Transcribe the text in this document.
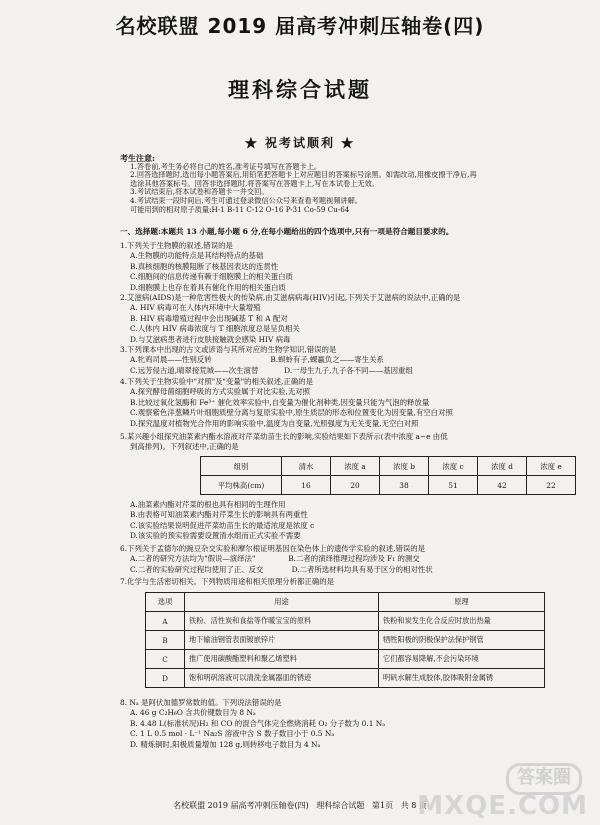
名校联盟 2019 届高考冲刺压轴卷(四)
理科综合试题
★ 祝考试顺利 ★
考生注意:
1.答卷前,考生务必将自己的姓名,准考证号填写在答题卡上。
2.回答选择题时,选出每小题答案后,用铅笔把答题卡上对应题目的答案标号涂黑。如需改动,用橡皮擦干净后,再
选涂其他答案标号。回答非选择题时,将答案写在答题卡上,写在本试卷上无效。
3.考试结束后,将本试卷和答题卡一并交回。
4.考试结束一段时间后,考生可通过登录微信公众号来查看考题视频讲解。
可能用到的相对原子质量:H-1 B-11 C-12 O-16 P-31 Co-59 Cu-64
一、选择题:本题共 13 小题,每小题 6 分,在每小题给出的四个选项中,只有一项是符合题目要求的。
1.下列关于生物膜的叙述,错误的是
A.生物膜的功能特点是其结构特点的基础
B.真核细胞的核膜阻断了核基因表达的连贯性
C.细胞间的信息传递有赖于细胞膜上的相关蛋白质
D.细胞膜上也存在着具有催化作用的相关蛋白质
2.艾滋病(AIDS)是一种危害性极大的传染病,由艾滋病病毒(HIV)引起,下列关于艾滋病的说法中,正确的是
A. HIV 病毒可在人体内环境中大量增殖
B. HIV 病毒增殖过程中会出现碱基 T 和 A 配对
C.人体内 HIV 病毒浓度与 T 细胞浓度总是呈负相关
D.与艾滋病患者进行皮肤接触就会感染 HIV 病毒
3.下列课本中出现的古文或谚语与其所对应的生物学知识,错误的是
A.牝鸡司晨——性别反转                         B.螟蛉有子,蜾蠃负之——寄生关系
C.远芳侵古道,晴翠接荒城——次生演替           D.一母生九子,九子各不同——基因重组
4.下列关于生物实验中"对照"及"变量"的相关叙述,正确的是
A.探究酵母菌细胞呼吸的方式实验属于对比实验,无对照
B.比较过氧化氢酶和 Fe³⁺ 催化效率实验中,自变量为催化剂种类,因变量只能为气泡的释放量
C.观察紫色洋葱鳞片叶细胞质壁分离与复原实验中,原生质层的形态和位置变化为因变量,有空白对照
D.探究温度对植物光合作用的影响实验中,温度为自变量,光照强度为无关变量,无空白对照
5.某兴趣小组探究油菜素内酯水溶液对芹菜幼苗生长的影响,实验结果如下表所示(表中浓度 a~e 由低
到高排列)。下列叙述中,正确的是
组别	清水	浓度 a	浓度 b	浓度 c	浓度 d	浓度 e
平均株高(cm)	16	20	38	51	42	22
A.油菜素内酯对芹菜的根也具有相同的生理作用
B.由表格可知油菜素内酯对芹菜生长的影响具有两重性
C.该实验结果说明促进芹菜幼苗生长的最适浓度是浓度 c
D.该实验的预实验需要设置清水组而正式实验不需要
6.下列关于孟德尔的豌豆杂交实验和摩尔根证明基因在染色体上的遗传学实验的叙述,错误的是
A.二者的研究方法均为"假说—演绎法"              B.二者的演绎推理过程均涉及 F₁ 的测交
C.二者的实验研究过程均使用了正、反交            D.二者所选材料均具有易于区分的相对性状
7.化学与生活密切相关。下列物质用途和相关原理分析都正确的是
选项	用途	原理
A	铁粉、活性炭和食盐等作暖宝宝的原料	铁粉和炭发生化合反应时放出热量
B	地下输油钢管表面镀嵌锌片	牺牲阳极的阴极保护法保护钢管
C	推广使用碳酸酯塑料和聚乙烯塑料	它们都容易降解,不会污染环境
D	饱和明矾溶液可以清洗金属器皿的锈迹	明矾水解生成胶体,胶体吸附金属锈
8. Nₐ 是阿伏加德罗常数的值。下列说法错误的是
A. 46 g C₂H₆O 含共价键数目为 8 Nₐ
B. 4.48 L(标准状况)H₂ 和 CO 的混合气体完全燃烧消耗 O₂ 分子数为 0.1 Nₐ
C. 1 L 0.5 mol · L⁻¹ Na₂S 溶液中含 S 数子数目小于 0.5 Nₐ
D. 精炼铜时,阳极质量增加 128 g,则转移电子数目为 4 Nₐ
名校联盟 2019 届高考冲刺压轴卷(四)   理科综合试题   第1页   共 8 页
答案圈
MXQE.COM
